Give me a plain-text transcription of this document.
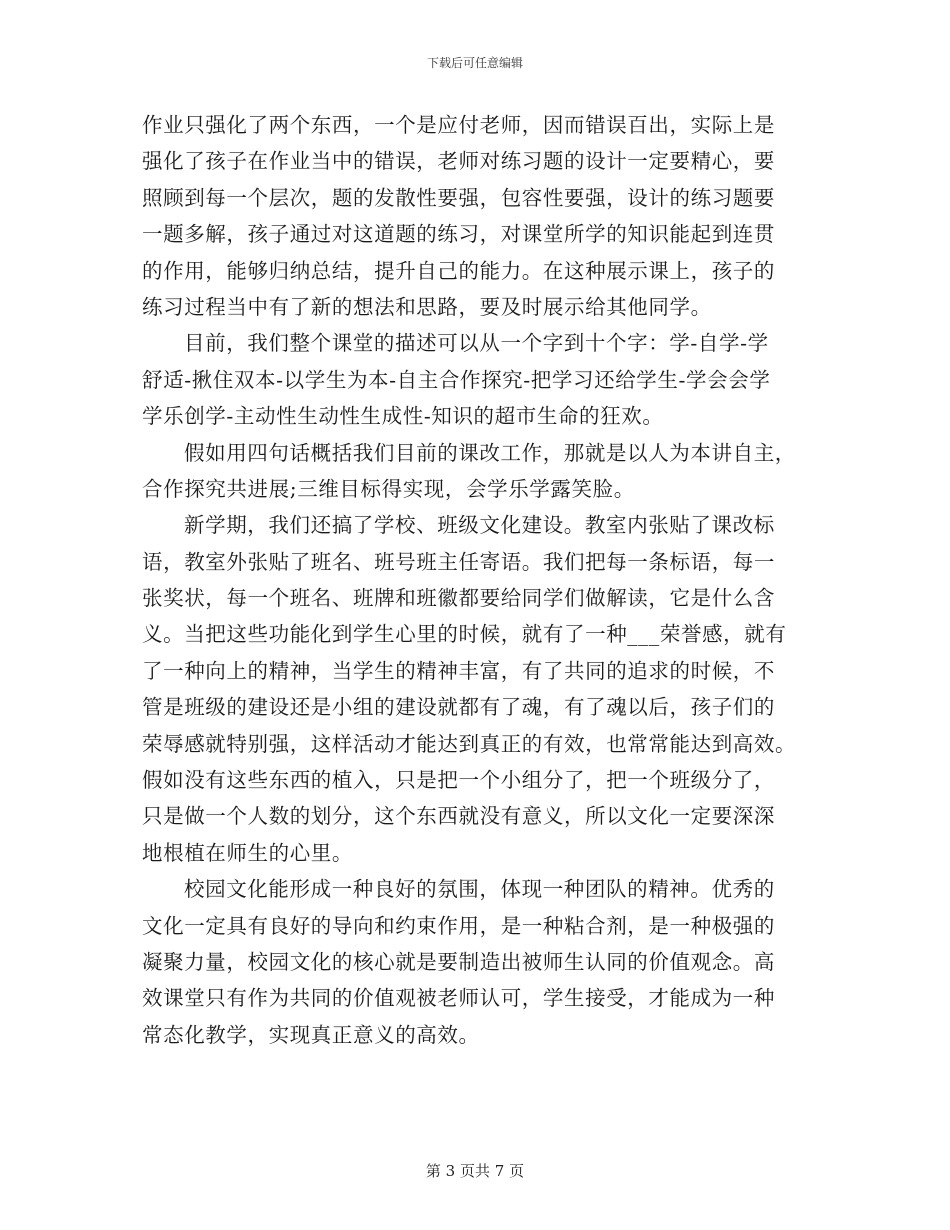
下载后可任意编辑
作业只强化了两个东西，一个是应付老师，因而错误百出，实际上是
强化了孩子在作业当中的错误，老师对练习题的设计一定要精心，要
照顾到每一个层次，题的发散性要强，包容性要强，设计的练习题要
一题多解，孩子通过对这道题的练习，对课堂所学的知识能起到连贯
的作用，能够归纳总结，提升自己的能力。在这种展示课上，孩子的
练习过程当中有了新的想法和思路，要及时展示给其他同学。
目前，我们整个课堂的描述可以从一个字到十个字：学-自学-学
舒适-揪住双本-以学生为本-自主合作探究-把学习还给学生-学会会学
学乐创学-主动性生动性生成性-知识的超市生命的狂欢。
假如用四句话概括我们目前的课改工作，那就是以人为本讲自主，
合作探究共进展;三维目标得实现，会学乐学露笑脸。
新学期，我们还搞了学校、班级文化建设。教室内张贴了课改标
语，教室外张贴了班名、班号班主任寄语。我们把每一条标语，每一
张奖状，每一个班名、班牌和班徽都要给同学们做解读，它是什么含
义。当把这些功能化到学生心里的时候，就有了一种___荣誉感，就有
了一种向上的精神，当学生的精神丰富，有了共同的追求的时候，不
管是班级的建设还是小组的建设就都有了魂，有了魂以后，孩子们的
荣辱感就特别强，这样活动才能达到真正的有效，也常常能达到高效。
假如没有这些东西的植入，只是把一个小组分了，把一个班级分了，
只是做一个人数的划分，这个东西就没有意义，所以文化一定要深深
地根植在师生的心里。
校园文化能形成一种良好的氛围，体现一种团队的精神。优秀的
文化一定具有良好的导向和约束作用，是一种粘合剂，是一种极强的
凝聚力量，校园文化的核心就是要制造出被师生认同的价值观念。高
效课堂只有作为共同的价值观被老师认可，学生接受，才能成为一种
常态化教学，实现真正意义的高效。
第 3 页共 7 页
